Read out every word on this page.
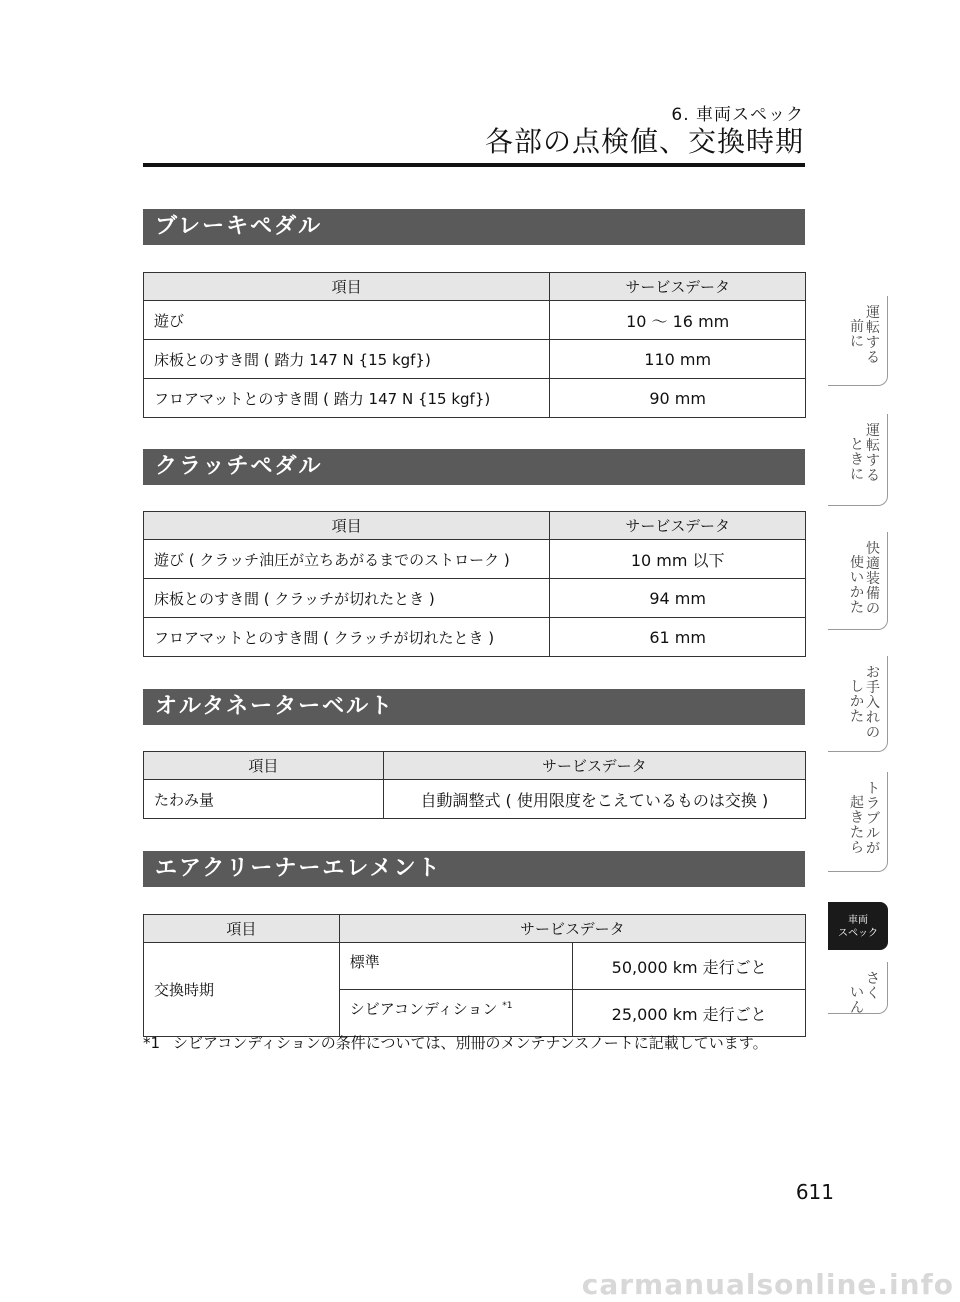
6. 車両スペック
各部の点検値、交換時期
ブレーキペダル
項目	サービスデータ
遊び	10 〜 16 mm
床板とのすき間 ( 踏力 147 N {15 kgf})	110 mm
フロアマットとのすき間 ( 踏力 147 N {15 kgf})	90 mm
クラッチペダル
項目	サービスデータ
遊び ( クラッチ油圧が立ちあがるまでのストローク )	10 mm 以下
床板とのすき間 ( クラッチが切れたとき )	94 mm
フロアマットとのすき間 ( クラッチが切れたとき )	61 mm
オルタネーターベルト
項目	サービスデータ
たわみ量	自動調整式 ( 使用限度をこえているものは交換 )
エアクリーナーエレメント
項目	サービスデータ	
交換時期	標準	50,000 km 走行ごと
	シビアコンディション $^{*1}$	25,000 km 走行ごと
*1 シビアコンディションの条件については、別冊のメンテナンスノートに記載しています。
前に
運転する
ときに
運転する
使いかた
快適装備の
しかた
お手入れの
起きたら
トラブルが
車両
スペック
いん
さく
611
carmanualsonline.info
